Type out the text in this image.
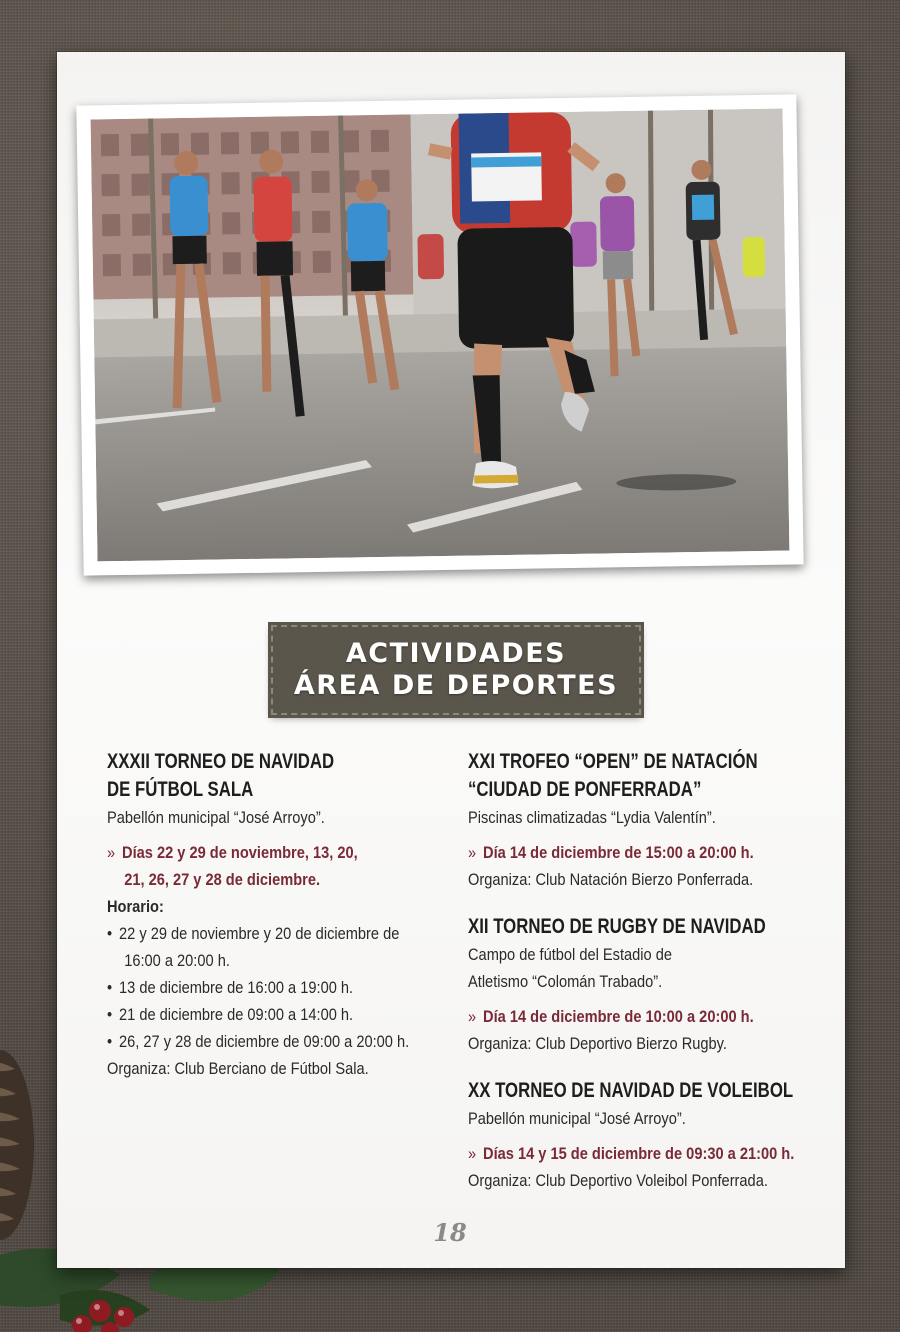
ACTIVIDADES
ÁREA DE DEPORTES
XXXII TORNEO DE NAVIDAD
DE FÚTBOL SALA
Pabellón municipal “José Arroyo”.
» Días 22 y 29 de noviembre, 13, 20,
21, 26, 27 y 28 de diciembre.
Horario:
• 22 y 29 de noviembre y 20 de diciembre de
16:00 a 20:00 h.
• 13 de diciembre de 16:00 a 19:00 h.
• 21 de diciembre de 09:00 a 14:00 h.
• 26, 27 y 28 de diciembre de 09:00 a 20:00 h.
Organiza: Club Berciano de Fútbol Sala.
XXI TROFEO “OPEN” DE NATACIÓN
“CIUDAD DE PONFERRADA”
Piscinas climatizadas “Lydia Valentín”.
» Día 14 de diciembre de 15:00 a 20:00 h.
Organiza: Club Natación Bierzo Ponferrada.
XII TORNEO DE RUGBY DE NAVIDAD
Campo de fútbol del Estadio de
Atletismo “Colomán Trabado”.
» Día 14 de diciembre de 10:00 a 20:00 h.
Organiza: Club Deportivo Bierzo Rugby.
XX TORNEO DE NAVIDAD DE VOLEIBOL
Pabellón municipal “José Arroyo”.
» Días 14 y 15 de diciembre de 09:30 a 21:00 h.
Organiza: Club Deportivo Voleibol Ponferrada.
18
